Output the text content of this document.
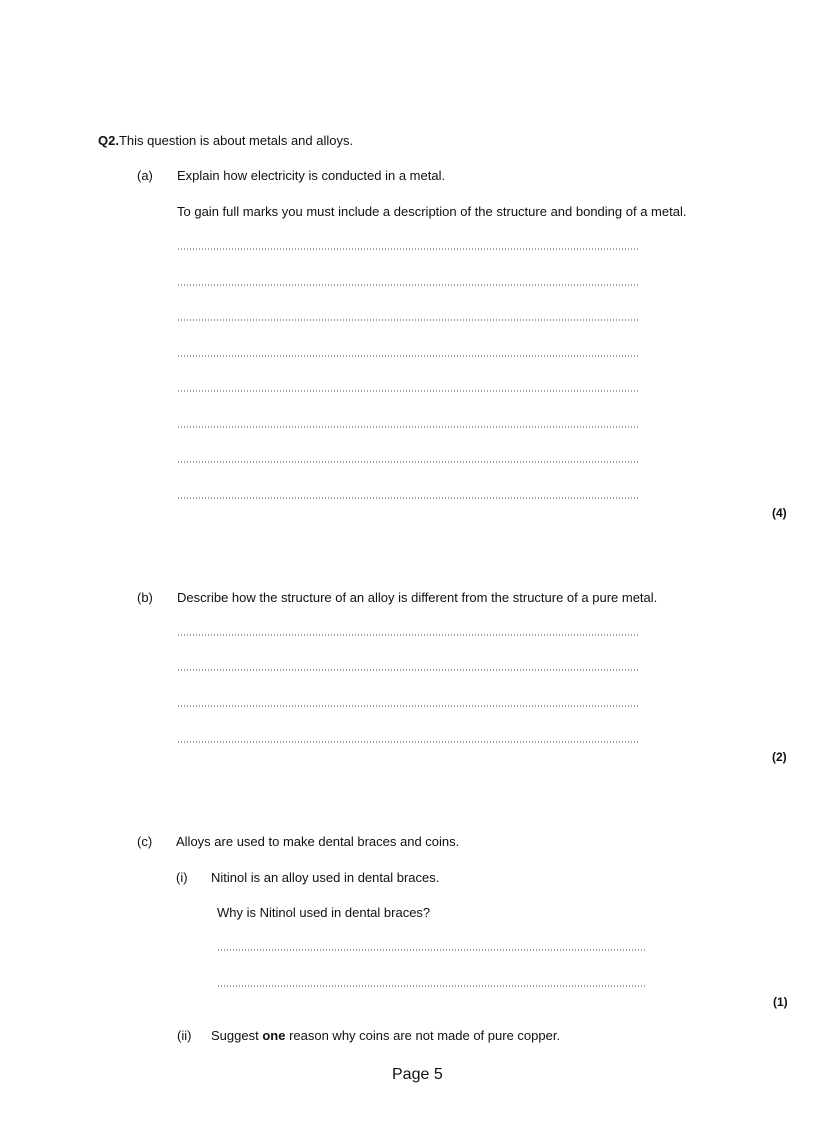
Q2.This question is about metals and alloys.
(a) Explain how electricity is conducted in a metal.
To gain full marks you must include a description of the structure and bonding of a metal.
(4)
(b) Describe how the structure of an alloy is different from the structure of a pure metal.
(2)
(c) Alloys are used to make dental braces and coins.
(i) Nitinol is an alloy used in dental braces.
Why is Nitinol used in dental braces?
(1)
(ii) Suggest one reason why coins are not made of pure copper.
Page 5
